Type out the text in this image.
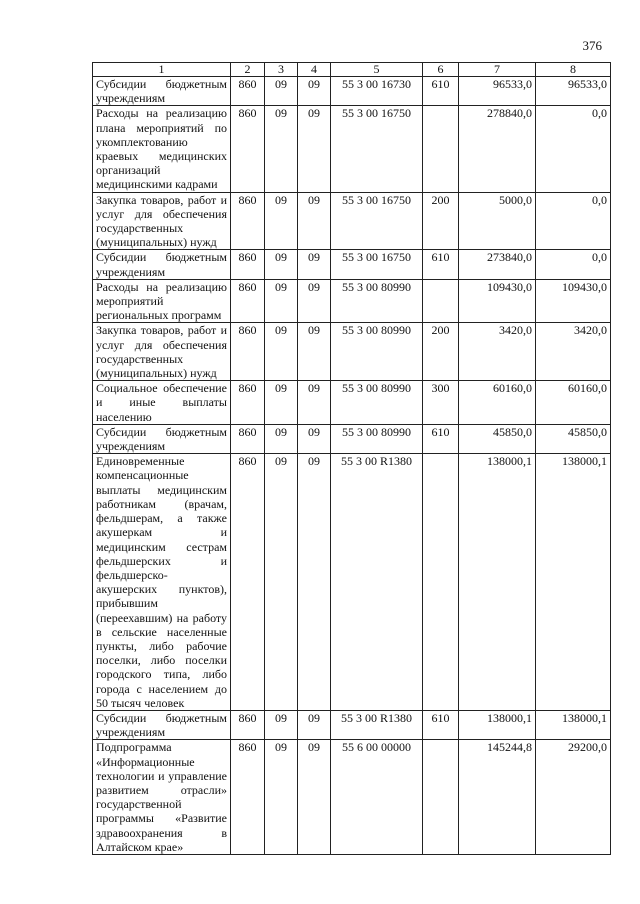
376
1	2	3	4	5	6	7	8
Субсидии бюджетным учреждениям	860	09	09	55 3 00 16730	610	96533,0	96533,0
Расходы на реализацию плана мероприятий по укомплектованию краевых медицинских организаций медицинскими кадрами	860	09	09	55 3 00 16750		278840,0	0,0
Закупка товаров, работ и услуг для обеспечения государственных (муниципальных) нужд	860	09	09	55 3 00 16750	200	5000,0	0,0
Субсидии бюджетным учреждениям	860	09	09	55 3 00 16750	610	273840,0	0,0
Расходы на реализацию мероприятий региональных программ	860	09	09	55 3 00 80990		109430,0	109430,0
Закупка товаров, работ и услуг для обеспечения государственных (муниципальных) нужд	860	09	09	55 3 00 80990	200	3420,0	3420,0
Социальное обеспечение и иные выплаты населению	860	09	09	55 3 00 80990	300	60160,0	60160,0
Субсидии бюджетным учреждениям	860	09	09	55 3 00 80990	610	45850,0	45850,0
Единовременные компенсационные выплаты медицинским работникам (врачам, фельдшерам, а также акушеркам и медицинским сестрам фельдшерских и фельдшерско-акушерских пунктов), прибывшим (переехавшим) на работу в сельские населенные пункты, либо рабочие поселки, либо поселки городского типа, либо города с населением до 50 тысяч человек	860	09	09	55 3 00 R1380		138000,1	138000,1
Субсидии бюджетным учреждениям	860	09	09	55 3 00 R1380	610	138000,1	138000,1
Подпрограмма «Информационные технологии и управление развитием отрасли» государственной программы «Развитие здравоохранения в Алтайском крае»	860	09	09	55 6 00 00000		145244,8	29200,0
